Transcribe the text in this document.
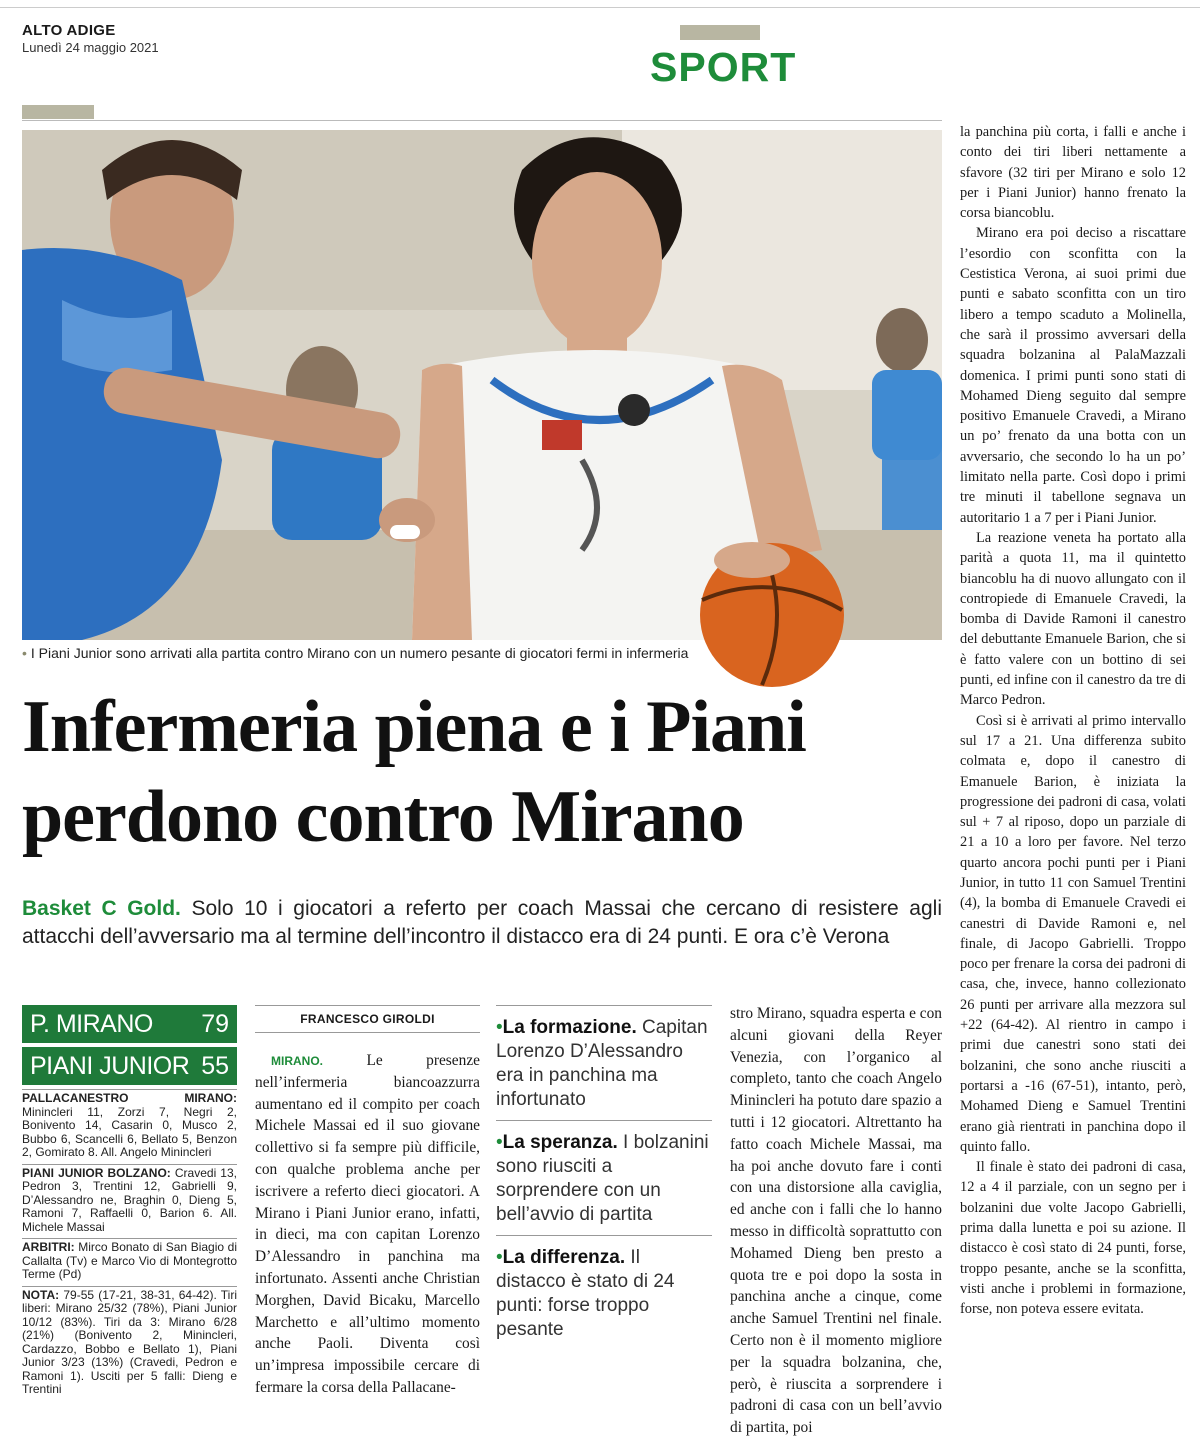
ALTO ADIGE
Lunedì 24 maggio 2021	SPORT
• I Piani Junior sono arrivati alla partita contro Mirano con un numero pesante di giocatori fermi in infermeria
Infermeria piena e i Piani
perdono contro Mirano
Basket C Gold. Solo 10 i giocatori a referto per coach Massai che cercano di resistere agli attacchi dell’avversario ma al termine dell’incontro il distacco era di 24 punti. E ora c’è Verona
P. MIRANO 79
PIANI JUNIOR 55
PALLACANESTRO MIRANO: Minincleri 11, Zorzi 7, Negri 2, Bonivento 14, Casarin 0, Musco 2, Bubbo 6, Scancelli 6, Bellato 5, Benzon 2, Gomirato 8. All. Angelo Minincleri
PIANI JUNIOR BOLZANO: Cravedi 13, Pedron 3, Trentini 12, Gabrielli 9, D’Alessandro ne, Braghin 0, Dieng 5, Ramoni 7, Raffaelli 0, Barion 6. All. Michele Massai
ARBITRI: Mirco Bonato di San Biagio di Callalta (Tv) e Marco Vio di Montegrotto Terme (Pd)
NOTA: 79-55 (17-21, 38-31, 64-42). Tiri liberi: Mirano 25/32 (78%), Piani Junior 10/12 (83%). Tiri da 3: Mirano 6/28 (21%) (Bonivento 2, Minincleri, Cardazzo, Bobbo e Bellato 1), Piani Junior 3/23 (13%) (Cravedi, Pedron e Ramoni 1). Usciti per 5 falli: Dieng e Trentini
FRANCESCO GIROLDI

MIRANO.	Le presenze nell’infermeria biancoazzurra aumentano ed il compito per coach Michele Massai ed il suo giovane collettivo si fa sempre più difficile, con qualche problema anche per iscrivere a referto dieci giocatori. A Mirano i Piani Junior erano, infatti, in dieci, ma con capitan Lorenzo D’Alessandro in panchina ma infortunato. Assenti anche Christian Morghen, David Bicaku, Marcello Marchetto e all’ultimo momento anche Paoli. Diventa così un’impresa impossibile cercare di fermare la corsa della Pallacane-

•La formazione. Capitan Lorenzo D’Alessandro era in panchina ma infortunato
•La speranza. I bolzanini sono riusciti a sorprendere con un bell’avvio di partita
•La differenza. Il distacco è stato di 24 punti: forse troppo pesante

stro Mirano, squadra esperta e con alcuni giovani della Reyer Venezia, con l’organico al completo, tanto che coach Angelo Minincleri ha potuto dare spazio a tutti i 12 giocatori. Altrettanto ha fatto coach Michele Massai, ma ha poi anche dovuto fare i conti con una distorsione alla caviglia, ed anche con i falli che lo hanno messo in difficoltà soprattutto con Mohamed Dieng ben presto a quota tre e poi dopo la sosta in panchina anche a cinque, come anche Samuel Trentini nel finale. Certo non è il momento migliore per la squadra bolzanina, che, però, è riuscita a sorprendere i padroni di casa con un bell’avvio di partita, poi

la panchina più corta, i falli e anche i conto dei tiri liberi nettamente a sfavore (32 tiri per Mirano e solo 12 per i Piani Junior) hanno frenato la corsa biancoblu.

Mirano era poi deciso a riscattare l’esordio con sconfitta con la Cestistica Verona, ai suoi primi due punti e sabato sconfitta con un tiro libero a tempo scaduto a Molinella, che sarà il prossimo avversari della squadra bolzanina al PalaMazzali domenica. I primi punti sono stati di Mohamed Dieng seguito dal sempre positivo Emanuele Cravedi, a Mirano un po’ frenato da una botta con un avversario, che secondo lo ha un po’ limitato nella parte. Così dopo i primi tre minuti il tabellone segnava un autoritario 1 a 7 per i Piani Junior.

La reazione veneta ha portato alla parità a quota 11, ma il quintetto biancoblu ha di nuovo allungato con il contropiede di Emanuele Cravedi, la bomba di Davide Ramoni il canestro del debuttante Emanuele Barion, che si è fatto valere con un bottino di sei punti, ed infine con il canestro da tre di Marco Pedron.

Così si è arrivati al primo intervallo sul 17 a 21. Una differenza subito colmata e, dopo il canestro di Emanuele Barion, è iniziata la progressione dei padroni di casa, volati sul + 7 al riposo, dopo un parziale di 21 a 10 a loro per favore. Nel terzo quarto ancora pochi punti per i Piani Junior, in tutto 11 con Samuel Trentini (4), la bomba di Emanuele Cravedi ei canestri di Davide Ramoni e, nel finale, di Jacopo Gabrielli. Troppo poco per frenare la corsa dei padroni di casa, che, invece, hanno collezionato 26 punti per arrivare alla mezzora sul +22 (64-42). Al rientro in campo i primi due canestri sono stati dei bolzanini, che sono anche riusciti a portarsi a -16 (67-51), intanto, però, Mohamed Dieng e Samuel Trentini erano già rientrati in panchina dopo il quinto fallo.

Il finale è stato dei padroni di casa, 12 a 4 il parziale, con un segno per i bolzanini due volte Jacopo Gabrielli, prima dalla lunetta e poi su azione. Il distacco è così stato di 24 punti, forse, troppo pesante, anche se la sconfitta, visti anche i problemi in formazione, forse, non poteva essere evitata.
